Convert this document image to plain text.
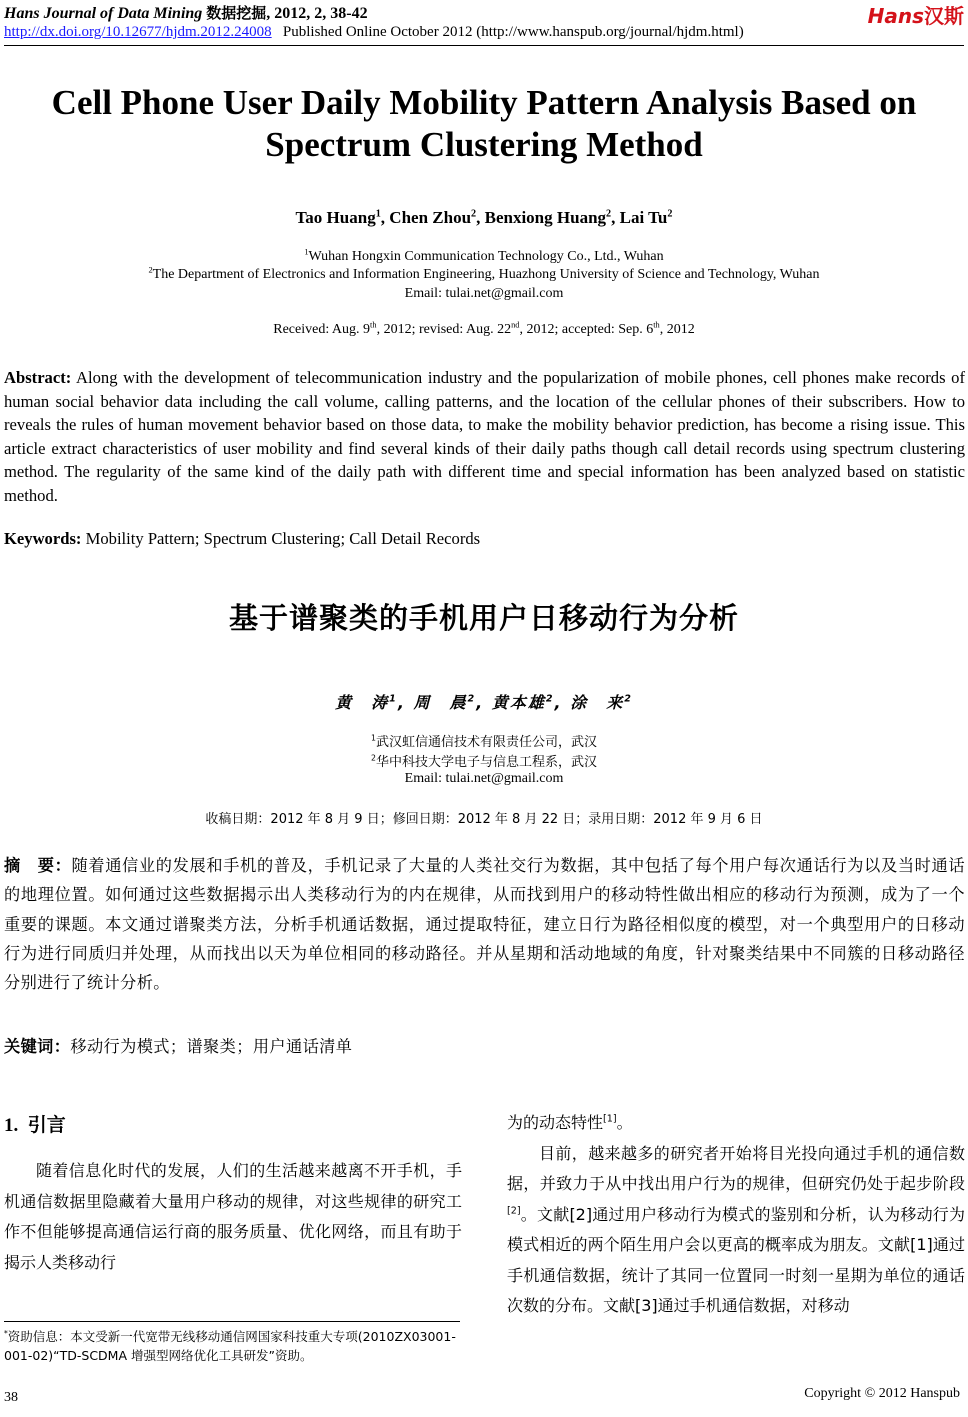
Hans Journal of Data Mining 数据挖掘, 2012, 2, 38-42
http://dx.doi.org/10.12677/hjdm.2012.24008 Published Online October 2012 (http://www.hanspub.org/journal/hjdm.html)
Hans汉斯
Cell Phone User Daily Mobility Pattern Analysis Based on
Spectrum Clustering Method
Tao Huang$^1$, Chen Zhou$^2$, Benxiong Huang$^2$, Lai Tu$^2$
$^1$Wuhan Hongxin Communication Technology Co., Ltd., Wuhan
$^2$The Department of Electronics and Information Engineering, Huazhong University of Science and Technology, Wuhan
Email: tulai.net@gmail.com
Received: Aug. 9th, 2012; revised: Aug. 22nd, 2012; accepted: Sep. 6th, 2012
Abstract: Along with the development of telecommunication industry and the popularization of mobile phones, cell phones make records of human social behavior data including the call volume, calling patterns, and the location of the cellular phones of their subscribers. How to reveals the rules of human movement behavior based on those data, to make the mobility behavior prediction, has become a rising issue. This article extract characteristics of user mobility and find several kinds of their daily paths though call detail records using spectrum clustering method. The regularity of the same kind of the daily path with different time and special information has been analyzed based on statistic method.
Keywords: Mobility Pattern; Spectrum Clustering; Call Detail Records
基于谱聚类的手机用户日移动行为分析
黄　涛$^1$, 周　晨$^2$, 黄本雄$^2$, 涂　来$^2$
$^1$武汉虹信通信技术有限责任公司，武汉
$^2$华中科技大学电子与信息工程系，武汉
Email: tulai.net@gmail.com
收稿日期：2012 年 8 月 9 日；修回日期：2012 年 8 月 22 日；录用日期：2012 年 9 月 6 日
摘　要：随着通信业的发展和手机的普及，手机记录了大量的人类社交行为数据，其中包括了每个用户每次通话行为以及当时通话的地理位置。如何通过这些数据揭示出人类移动行为的内在规律，从而找到用户的移动特性做出相应的移动行为预测，成为了一个重要的课题。本文通过谱聚类方法，分析手机通话数据，通过提取特征，建立日行为路径相似度的模型，对一个典型用户的日移动行为进行同质归并处理，从而找出以天为单位相同的移动路径。并从星期和活动地域的角度，针对聚类结果中不同簇的日移动路径分别进行了统计分析。
关键词：移动行为模式；谱聚类；用户通话清单
1. 引言

随着信息化时代的发展，人们的生活越来越离不开手机，手机通信数据里隐藏着大量用户移动的规律，对这些规律的研究工作不但能够提高通信运行商的服务质量、优化网络，而且有助于揭示人类移动行

*资助信息：本文受新一代宽带无线移动通信网国家科技重大专项(2010ZX03001-001-02)“TD-SCDMA 增强型网络优化工具研发”资助。

为的动态特性[1]。

目前，越来越多的研究者开始将目光投向通过手机的通信数据，并致力于从中找出用户行为的规律，但研究仍处于起步阶段[2]。文献[2]通过用户移动行为模式的鉴别和分析，认为移动行为模式相近的两个陌生用户会以更高的概率成为朋友。文献[1]通过手机通信数据，统计了其同一位置同一时刻一星期为单位的通话次数的分布。文献[3]通过手机通信数据，对移动

38	Copyright © 2012 Hanspub
